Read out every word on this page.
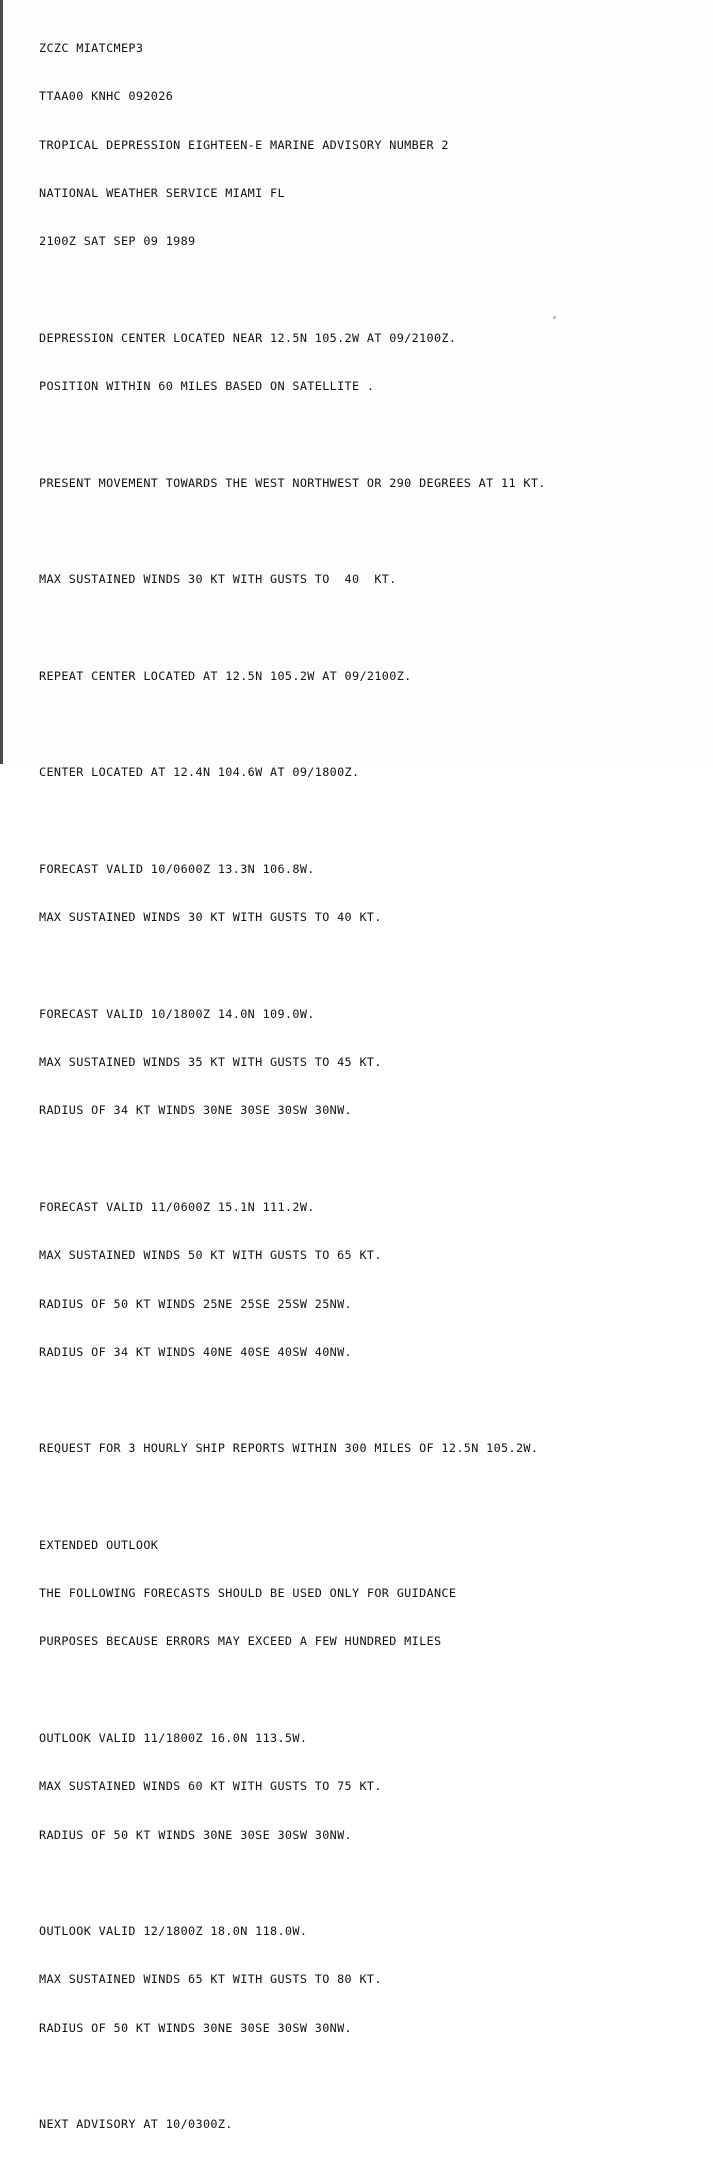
ZCZC MIATCMEP3

TTAA00 KNHC 092026

TROPICAL DEPRESSION EIGHTEEN-E MARINE ADVISORY NUMBER 2

NATIONAL WEATHER SERVICE MIAMI FL

2100Z SAT SEP 09 1989

DEPRESSION CENTER LOCATED NEAR 12.5N 105.2W AT 09/2100Z.

POSITION WITHIN 60 MILES BASED ON SATELLITE .

PRESENT MOVEMENT TOWARDS THE WEST NORTHWEST OR 290 DEGREES AT 11 KT.

MAX SUSTAINED WINDS 30 KT WITH GUSTS TO  40  KT.

REPEAT CENTER LOCATED AT 12.5N 105.2W AT 09/2100Z.

CENTER LOCATED AT 12.4N 104.6W AT 09/1800Z.

FORECAST VALID 10/0600Z 13.3N 106.8W.

MAX SUSTAINED WINDS 30 KT WITH GUSTS TO 40 KT.

FORECAST VALID 10/1800Z 14.0N 109.0W.

MAX SUSTAINED WINDS 35 KT WITH GUSTS TO 45 KT.

RADIUS OF 34 KT WINDS 30NE 30SE 30SW 30NW.

FORECAST VALID 11/0600Z 15.1N 111.2W.

MAX SUSTAINED WINDS 50 KT WITH GUSTS TO 65 KT.

RADIUS OF 50 KT WINDS 25NE 25SE 25SW 25NW.

RADIUS OF 34 KT WINDS 40NE 40SE 40SW 40NW.

REQUEST FOR 3 HOURLY SHIP REPORTS WITHIN 300 MILES OF 12.5N 105.2W.

EXTENDED OUTLOOK

THE FOLLOWING FORECASTS SHOULD BE USED ONLY FOR GUIDANCE

PURPOSES BECAUSE ERRORS MAY EXCEED A FEW HUNDRED MILES

OUTLOOK VALID 11/1800Z 16.0N 113.5W.

MAX SUSTAINED WINDS 60 KT WITH GUSTS TO 75 KT.

RADIUS OF 50 KT WINDS 30NE 30SE 30SW 30NW.

OUTLOOK VALID 12/1800Z 18.0N 118.0W.

MAX SUSTAINED WINDS 65 KT WITH GUSTS TO 80 KT.

RADIUS OF 50 KT WINDS 30NE 30SE 30SW 30NW.

NEXT ADVISORY AT 10/0300Z.
